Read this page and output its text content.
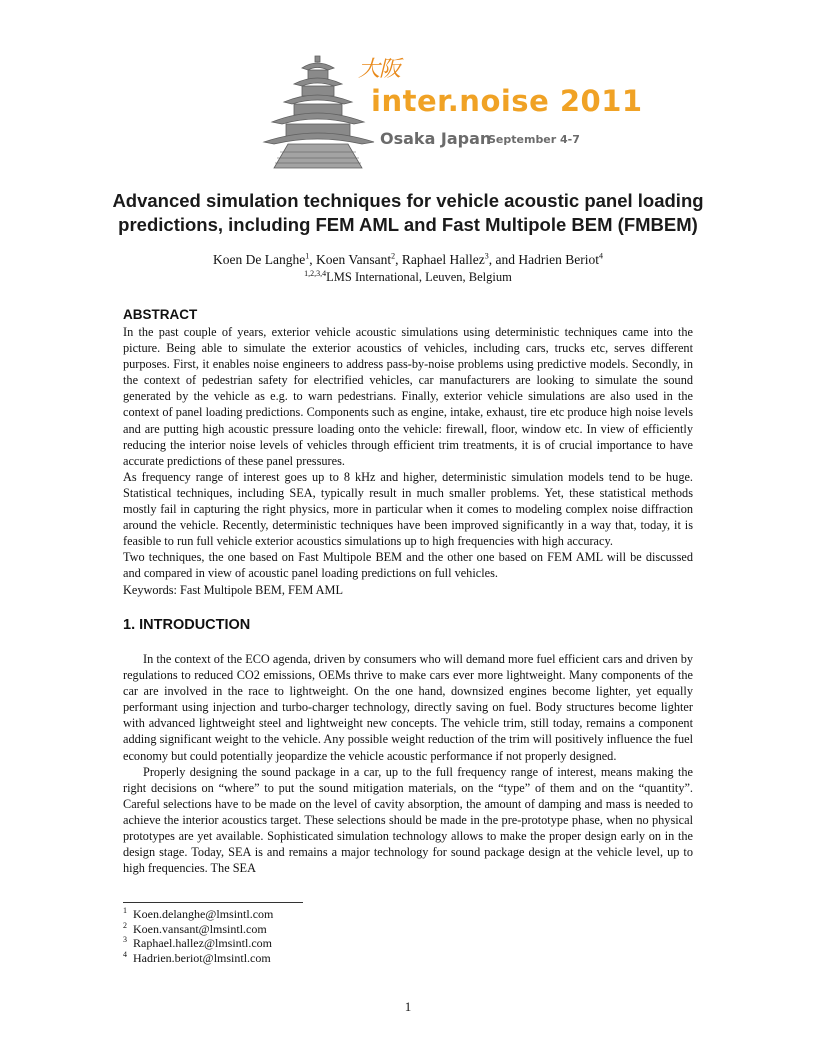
大阪
inter.noise 2011
Osaka Japan
September 4-7
Advanced simulation techniques for vehicle acoustic panel loading
predictions, including FEM AML and Fast Multipole BEM (FMBEM)
Koen De Langhe$^1$, Koen Vansant$^2$, Raphael Hallez$^3$, and Hadrien Beriot$^4$
$^{1,2,3,4}$LMS International, Leuven, Belgium
ABSTRACT

In the past couple of years, exterior vehicle acoustic simulations using deterministic techniques came into the picture. Being able to simulate the exterior acoustics of vehicles, including cars, trucks etc, serves different purposes. First, it enables noise engineers to address pass-by-noise problems using predictive models. Secondly, in the context of pedestrian safety for electrified vehicles, car manufacturers are looking to simulate the sound generated by the vehicle as e.g. to warn pedestrians. Finally, exterior vehicle simulations are also used in the context of panel loading predictions. Components such as engine, intake, exhaust, tire etc produce high noise levels and are putting high acoustic pressure loading onto the vehicle: firewall, floor, window etc. In view of efficiently reducing the interior noise levels of vehicles through efficient trim treatments, it is of crucial importance to have accurate predictions of these panel pressures.

As frequency range of interest goes up to 8 kHz and higher, deterministic simulation models tend to be huge. Statistical techniques, including SEA, typically result in much smaller problems. Yet, these statistical methods mostly fail in capturing the right physics, more in particular when it comes to modeling complex noise diffraction around the vehicle. Recently, deterministic techniques have been improved significantly in a way that, today, it is feasible to run full vehicle exterior acoustics simulations up to high frequencies with high accuracy.

Two techniques, the one based on Fast Multipole BEM and the other one based on FEM AML will be discussed and compared in view of acoustic panel loading predictions on full vehicles.

Keywords: Fast Multipole BEM, FEM AML

1. INTRODUCTION

In the context of the ECO agenda, driven by consumers who will demand more fuel efficient cars and driven by regulations to reduced CO2 emissions, OEMs thrive to make cars ever more lightweight. Many components of the car are involved in the race to lightweight. On the one hand, downsized engines become lighter, yet equally performant using injection and turbo-charger technology, directly saving on fuel. Body structures become lighter with advanced lightweight steel and lightweight new concepts. The vehicle trim, still today, remains a component adding significant weight to the vehicle. Any possible weight reduction of the trim will positively influence the fuel economy but could potentially jeopardize the vehicle acoustic performance if not properly designed.

Properly designing the sound package in a car, up to the full frequency range of interest, means making the right decisions on “where” to put the sound mitigation materials, on the “type” of them and on the “quantity”. Careful selections have to be made on the level of cavity absorption, the amount of damping and mass is needed to achieve the interior acoustics target. These selections should be made in the pre-prototype phase, when no physical prototypes are yet available. Sophisticated simulation technology allows to make the proper design early on in the design stage. Today, SEA is and remains a major technology for sound package design at the vehicle level, up to high frequencies. The SEA

$^1$ Koen.delanghe@lmsintl.com
$^2$ Koen.vansant@lmsintl.com
$^3$ Raphael.hallez@lmsintl.com
$^4$ Hadrien.beriot@lmsintl.com
1
